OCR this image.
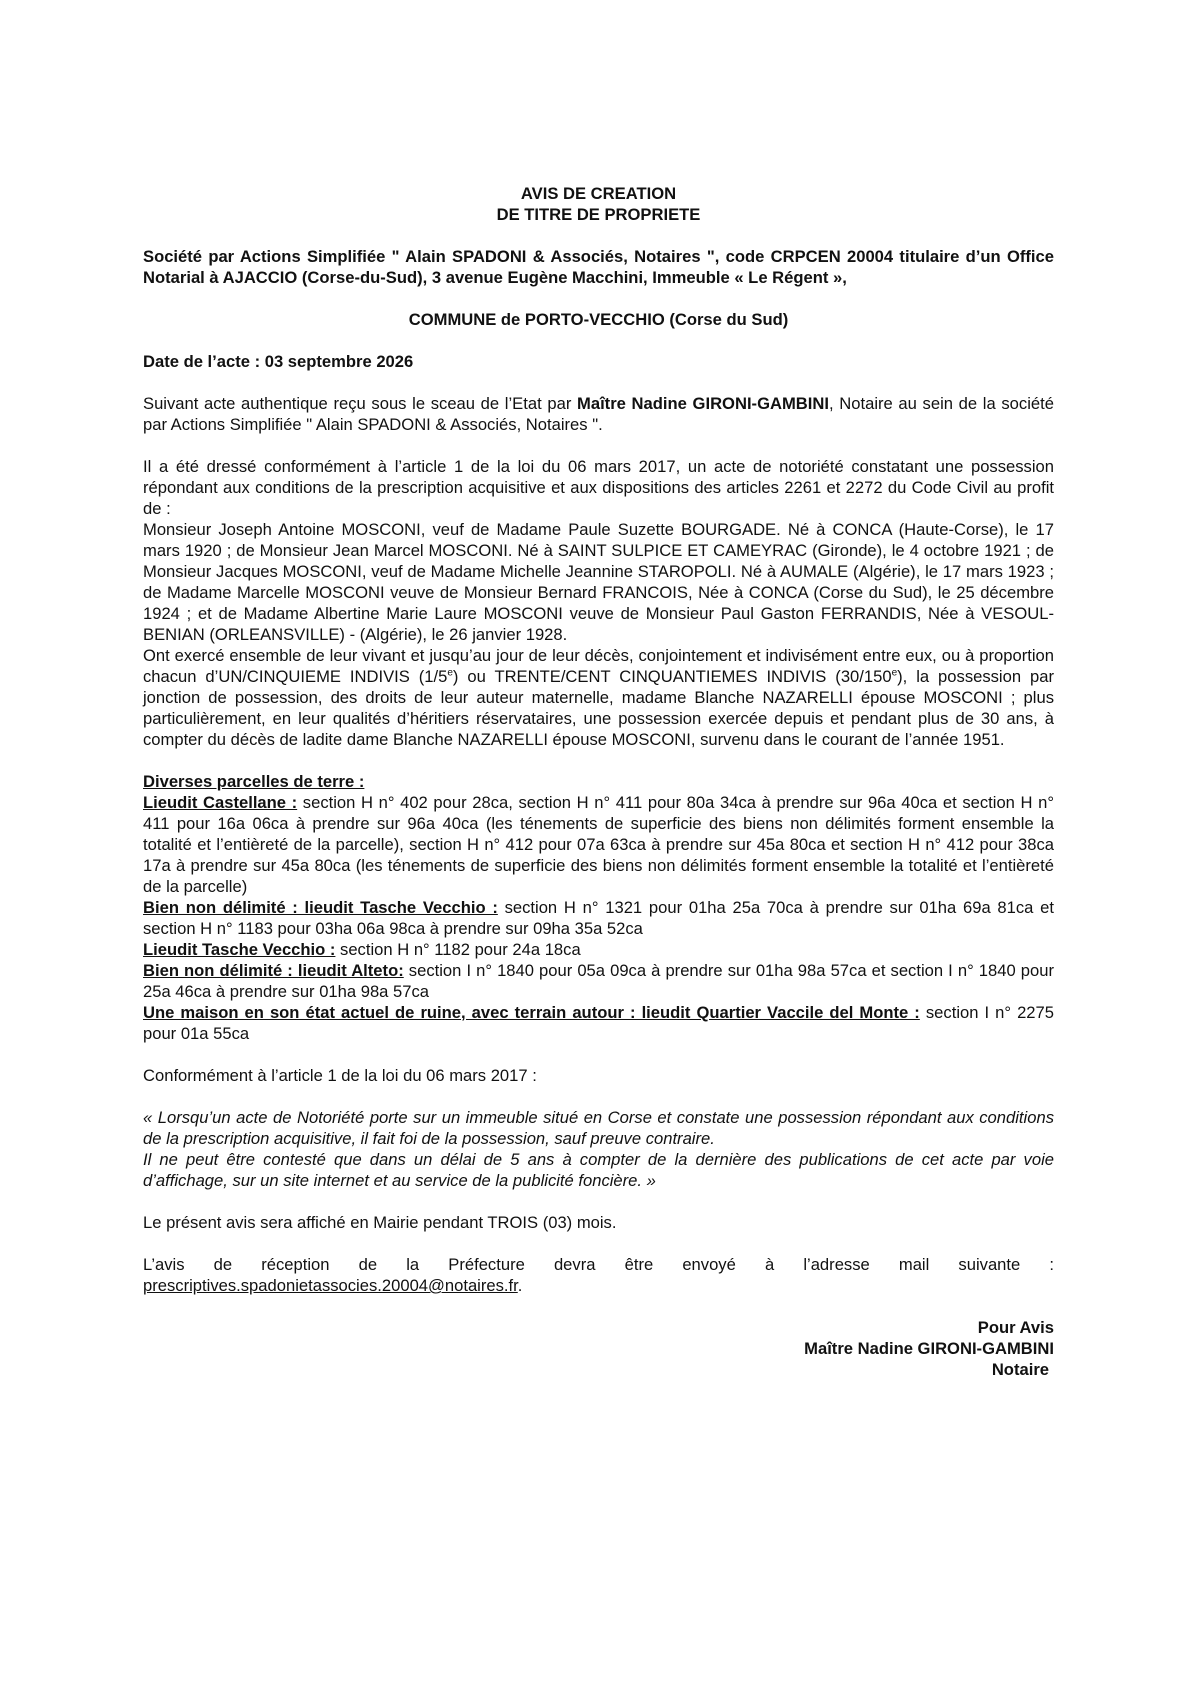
AVIS DE CREATION

DE TITRE DE PROPRIETE

Société par Actions Simplifiée " Alain SPADONI & Associés, Notaires ", code CRPCEN 20004 titulaire d’un Office Notarial à AJACCIO (Corse-du-Sud), 3 avenue Eugène Macchini, Immeuble « Le Régent »,

COMMUNE de PORTO-VECCHIO (Corse du Sud)

Date de l’acte : 03 septembre 2026

Suivant acte authentique reçu sous le sceau de l’Etat par Maître Nadine GIRONI-GAMBINI, Notaire au sein de la société par Actions Simplifiée " Alain SPADONI & Associés, Notaires ".

Il a été dressé conformément à l’article 1 de la loi du 06 mars 2017, un acte de notoriété constatant une possession répondant aux conditions de la prescription acquisitive et aux dispositions des articles 2261 et 2272 du Code Civil au profit de :

Monsieur Joseph Antoine MOSCONI, veuf de Madame Paule Suzette BOURGADE. Né à CONCA (Haute-Corse), le 17 mars 1920 ; de Monsieur Jean Marcel MOSCONI. Né à SAINT SULPICE ET CAMEYRAC (Gironde), le 4 octobre 1921 ; de Monsieur Jacques MOSCONI, veuf de Madame Michelle Jeannine STAROPOLI. Né à AUMALE (Algérie), le 17 mars 1923 ; de Madame Marcelle MOSCONI veuve de Monsieur Bernard FRANCOIS, Née à CONCA (Corse du Sud), le 25 décembre 1924 ; et de Madame Albertine Marie Laure MOSCONI veuve de Monsieur Paul Gaston FERRANDIS, Née à VESOUL-BENIAN (ORLEANSVILLE) - (Algérie), le 26 janvier 1928.

Ont exercé ensemble de leur vivant et jusqu’au jour de leur décès, conjointement et indivisément entre eux, ou à proportion chacun d’UN/CINQUIEME INDIVIS (1/5e) ou TRENTE/CENT CINQUANTIEMES INDIVIS (30/150e), la possession par jonction de possession, des droits de leur auteur maternelle, madame Blanche NAZARELLI épouse MOSCONI ; plus particulièrement, en leur qualités d’héritiers réservataires, une possession exercée depuis et pendant plus de 30 ans, à compter du décès de ladite dame Blanche NAZARELLI épouse MOSCONI, survenu dans le courant de l’année 1951.

Diverses parcelles de terre :

Lieudit Castellane : section H n° 402 pour 28ca, section H n° 411 pour 80a 34ca à prendre sur 96a 40ca et section H n° 411 pour 16a 06ca à prendre sur 96a 40ca (les ténements de superficie des biens non délimités forment ensemble la totalité et l’entièreté de la parcelle), section H n° 412 pour 07a 63ca à prendre sur 45a 80ca et section H n° 412 pour 38ca 17a à prendre sur 45a 80ca (les ténements de superficie des biens non délimités forment ensemble la totalité et l’entièreté de la parcelle)

Bien non délimité : lieudit Tasche Vecchio : section H n° 1321 pour 01ha 25a 70ca à prendre sur 01ha 69a 81ca et section H n° 1183 pour 03ha 06a 98ca à prendre sur 09ha 35a 52ca

Lieudit Tasche Vecchio : section H n° 1182 pour 24a 18ca

Bien non délimité : lieudit Alteto: section I n° 1840 pour 05a 09ca à prendre sur 01ha 98a 57ca et section I n° 1840 pour 25a 46ca à prendre sur 01ha 98a 57ca

Une maison en son état actuel de ruine, avec terrain autour : lieudit Quartier Vaccile del Monte : section I n° 2275 pour 01a 55ca

Conformément à l’article 1 de la loi du 06 mars 2017 :

« Lorsqu’un acte de Notoriété porte sur un immeuble situé en Corse et constate une possession répondant aux conditions de la prescription acquisitive, il fait foi de la possession, sauf preuve contraire.

Il ne peut être contesté que dans un délai de 5 ans à compter de la dernière des publications de cet acte par voie d’affichage, sur un site internet et au service de la publicité foncière. »

Le présent avis sera affiché en Mairie pendant TROIS (03) mois.

L’avis de réception de la Préfecture devra être envoyé à l’adresse mail suivante :

prescriptives.spadonietassocies.20004@notaires.fr.

Pour Avis

Maître Nadine GIRONI-GAMBINI

Notaire
